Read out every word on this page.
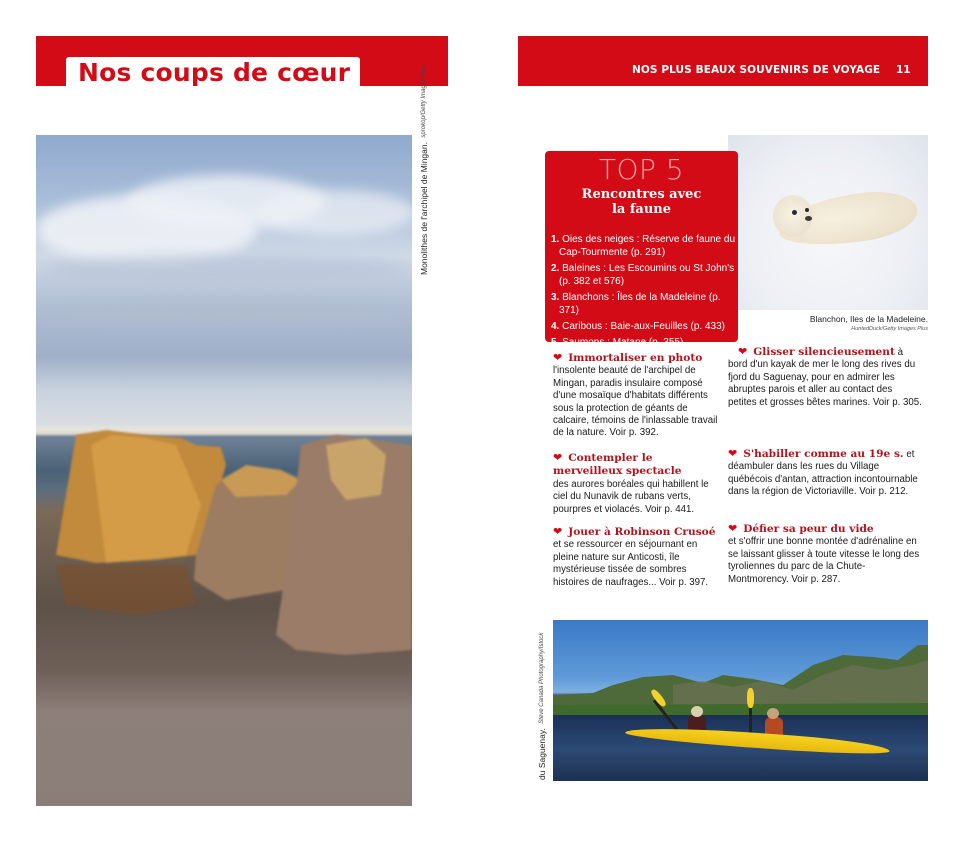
Nos coups de cœur
Monolithes de l'archipel de Mingan. sprokop/Getty Images Plus	NOS PLUS BEAUX SOUVENIRS DE VOYAGE 11
Blanchon, Iles de la Madeleine.
HuntedDuck/Getty Images Plus
TOP 5
Rencontres avec
la faune
1. Oies des neiges : Réserve de faune du Cap-Tourmente (p. 291)
2. Baleines : Les Escoumins ou St John's (p. 382 et 576)
3. Blanchons : Îles de la Madeleine (p. 371)
4. Caribous : Baie-aux-Feuilles (p. 433)
5. Saumons : Matane (p. 355)
❤ Immortaliser en photo
l'insolente beauté de l'archipel de Mingan, paradis insulaire composé d'une mosaïque d'habitats différents sous la protection de géants de calcaire, témoins de l'inlassable travail de la nature. Voir p. 392.
❤ Contempler le merveilleux spectacle
des aurores boréales qui habillent le ciel du Nunavik de rubans verts, pourpres et violacés. Voir p. 441.
❤ Jouer à Robinson Crusoé et se ressourcer en séjournant en pleine nature sur Anticosti, île mystérieuse tissée de sombres histoires de naufrages... Voir p. 397.
❤ Glisser silencieusement à bord d'un kayak de mer le long des rives du fjord du Saguenay, pour en admirer les abruptes parois et aller au contact des petites et grosses bêtes marines. Voir p. 305.
❤ S'habiller comme au 19e s. et déambuler dans les rues du Village québécois d'antan, attraction incontournable dans la région de Victoriaville. Voir p. 212.
❤ Défier sa peur du vide
et s'offrir une bonne montée d'adrénaline en se laissant glisser à toute vitesse le long des tyroliennes du parc de la Chute-Montmorency. Voir p. 287.
du Saguenay. Steve Canada Photography/Istock
